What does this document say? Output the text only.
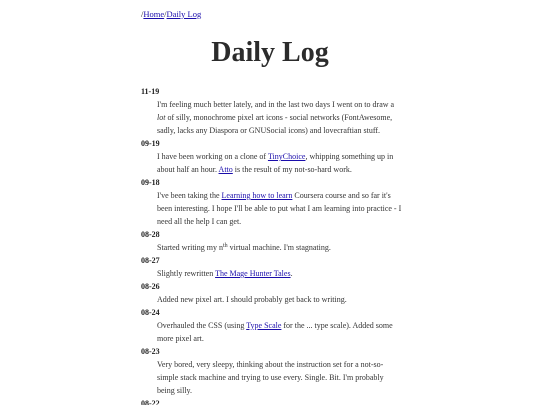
/Home/Daily Log
Daily Log
11-19
I'm feeling much better lately, and in the last two days I went on to draw a lot of silly, monochrome pixel art icons - social networks (FontAwesome, sadly, lacks any Diaspora or GNUSocial icons) and lovecraftian stuff.
09-19
I have been working on a clone of TinyChoice, whipping something up in about half an hour. Atto is the result of my not-so-hard work.
09-18
I've been taking the Learning how to learn Coursera course and so far it's been interesting. I hope I'll be able to put what I am learning into practice - I need all the help I can get.
08-28
Started writing my $n^{th}$ virtual machine. I'm stagnating.
08-27
Slightly rewritten The Mage Hunter Tales.
08-26
Added new pixel art. I should probably get back to writing.
08-24
Overhauled the CSS (using Type Scale for the ... type scale). Added some more pixel art.
08-23
Very bored, very sleepy, thinking about the instruction set for a not-so-simple stack machine and trying to use every. Single. Bit. I'm probably being silly.
08-22
